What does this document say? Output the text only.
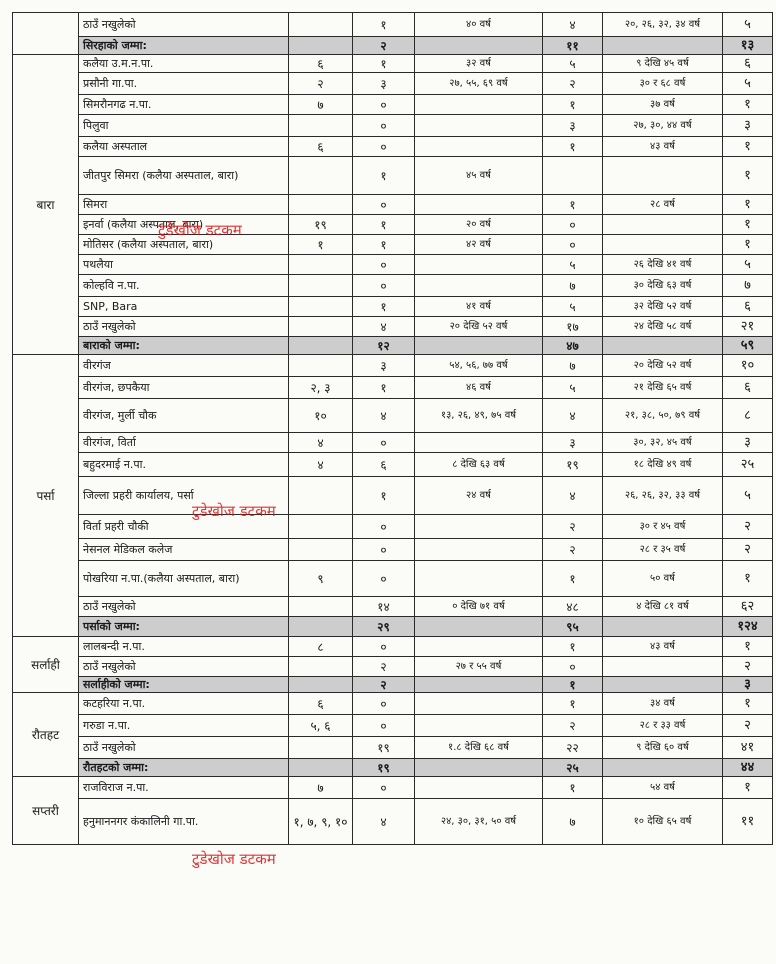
	ठाउँ नखुलेको		१	४० वर्ष	४	२०, २६, ३२, ३४ वर्ष	५
	सिरहाको जम्मा:		२		११		१३
बारा	कलैया उ.म.न.पा.	६	१	३२ वर्ष	५	९ देखि ४५ वर्ष	६
	प्रसौनी गा.पा.	२	३	२७, ५५, ६९ वर्ष	२	३० र ६८ वर्ष	५
	सिमरौनगढ न.पा.	७	०		१	३७ वर्ष	१
	पिलुवा		०		३	२७, ३०, ४४ वर्ष	३
	कलैया अस्पताल	६	०		१	४३ वर्ष	१
	जीतपुर सिमरा (कलैया अस्पताल, बारा)		१	४५ वर्ष			१
	सिमरा		०		१	२८ वर्ष	१
	इनर्वा (कलैया अस्पताल, बारा)	१९	१	२० वर्ष	०		१
	मोतिसर (कलैया अस्पताल, बारा)	१	१	४२ वर्ष	०		१
	पथलैया		०		५	२६ देखि ४१ वर्ष	५
	कोल्हवि न.पा.		०		७	३० देखि ६३ वर्ष	७
	SNP, Bara		१	४१ वर्ष	५	३२ देखि ५२ वर्ष	६
	ठाउँ नखुलेको		४	२० देखि ५२ वर्ष	१७	२४ देखि ५८ वर्ष	२१
	बाराको जम्मा:		१२		४७		५९
पर्सा	वीरगंज		३	५४, ५६, ७७ वर्ष	७	२० देखि ५२ वर्ष	१०
	वीरगंज, छपकैया	२, ३	१	४६ वर्ष	५	२१ देखि ६५ वर्ष	६
	वीरगंज, मुर्ली चौक	१०	४	१३, २६, ४९, ७५ वर्ष	४	२१, ३८, ५०, ७९ वर्ष	८
	वीरगंज, विर्ता	४	०		३	३०, ३२, ४५ वर्ष	३
	बहुदरमाई न.पा.	४	६	८ देखि ६३ वर्ष	१९	१८ देखि ४९ वर्ष	२५
	जिल्ला प्रहरी कार्यालय, पर्सा		१	२४ वर्ष	४	२६, २६, ३२, ३३ वर्ष	५
	विर्ता प्रहरी चौकी		०		२	३० र ४५ वर्ष	२
	नेसनल मेडिकल कलेज		०		२	२८ र ३५ वर्ष	२
	पोखरिया न.पा.(कलैया अस्पताल, बारा)	९	०		१	५० वर्ष	१
	ठाउँ नखुलेको		१४	० देखि ७१ वर्ष	४८	४ देखि ८१ वर्ष	६२
	पर्साको जम्मा:		२९		९५		१२४
सर्लाही	लालबन्दी न.पा.	८	०		१	४३ वर्ष	१
	ठाउँ नखुलेको		२	२७ र ५५ वर्ष	०		२
	सर्लाहीको जम्मा:		२		१		३
रौतहट	कटहरिया न.पा.	६	०		१	३४ वर्ष	१
	गरुडा न.पा.	५, ६	०		२	२८ र ३३ वर्ष	२
	ठाउँ नखुलेको		१९	१.८ देखि ६८ वर्ष	२२	९ देखि ६० वर्ष	४१
	रौतहटको जम्मा:		१९		२५		४४
सप्तरी	राजविराज न.पा.	७	०		१	५४ वर्ष	१
	हनुमाननगर कंकालिनी गा.पा.	१, ७, ९, १०	४	२४, ३०, ३१, ५० वर्ष	७	१० देखि ६५ वर्ष	११
टुडेखोज डटकम
टुडेखोज डटकम
टुडेखोज डटकम
